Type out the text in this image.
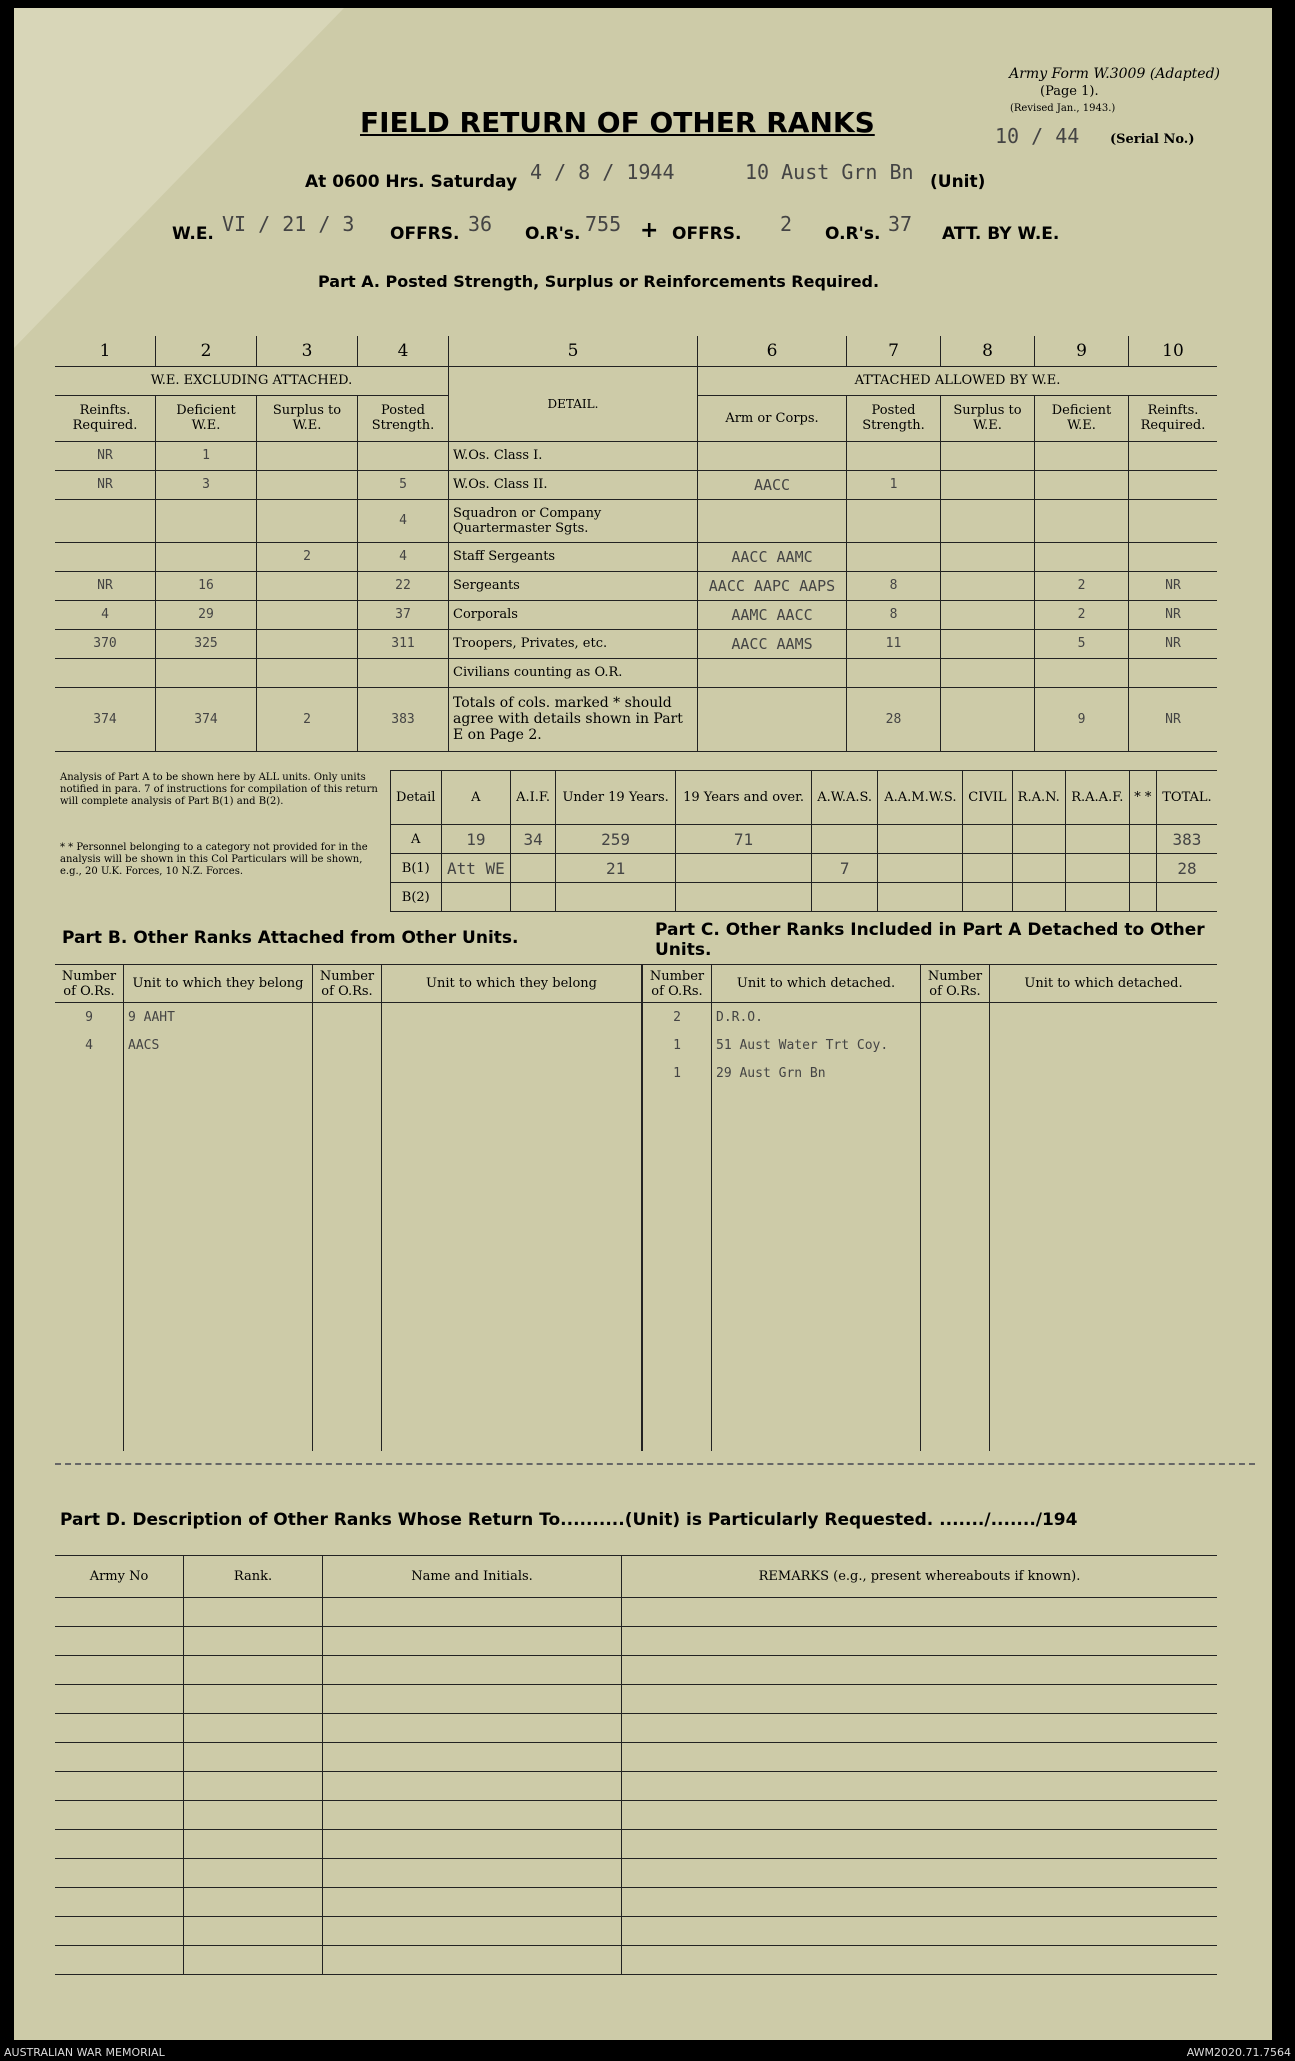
Army Form W.3009 (Adapted)
(Page 1).
(Revised Jan., 1943.)
10 / 44 (Serial No.)
FIELD RETURN OF OTHER RANKS
At 0600 Hrs. Saturday 4 / 8 / 1944	10 Aust Grn Bn (Unit)
W.E. VI / 21 / 3 OFFRS. 36 O.R's. 755 + OFFRS. 2 O.R's. 37 ATT. BY W.E.
Part A. Posted Strength, Surplus or Reinforcements Required.
1	2	3	4	5	6	7	8	9	10
W.E. EXCLUDING ATTACHED.				DETAIL.	ATTACHED ALLOWED BY W.E.				
Reinfts. Required.	Deficient W.E.	Surplus to W.E.	Posted Strength.		Arm or Corps.	Posted Strength.	Surplus to W.E.	Deficient W.E.	Reinfts. Required.
NR	1			W.Os. Class I.					
NR	3		5	W.Os. Class II.	AACC	1			
			4	Squadron or Company Quartermaster Sgts.					
		2	4	Staff Sergeants	AACC AAMC				
NR	16		22	Sergeants	AACC AAPC AAPS	8		2	NR
4	29		37	Corporals	AAMC AACC	8		2	NR
370	325		311	Troopers, Privates, etc.	AACC AAMS	11		5	NR
				Civilians counting as O.R.					
374	374	2	383	Totals of cols. marked * should agree with details shown in Part E on Page 2.		28		9	NR
Analysis of Part A to be shown here by ALL units. Only units notified in para. 7 of instructions for compilation of this return will complete analysis of Part B(1) and B(2).
* * Personnel belonging to a category not provided for in the analysis will be shown in this Col Particulars will be shown, e.g., 20 U.K. Forces, 10 N.Z. Forces.
Detail	A	A.I.F.	Under 19 Years.	19 Years and over.	A.W.A.S.	A.A.M.W.S.	CIVIL	R.A.N.	R.A.A.F.	* *	TOTAL.
A	19	34	259	71							383
B(1)	Att WE		21		7						28
B(2)											
Part B. Other Ranks Attached from Other Units.	Part C. Other Ranks Included in Part A Detached to Other Units.
Number of O.Rs.	Unit to which they belong	Number of O.Rs.	Unit to which they belong
9	9 AAHT		
4	AACS		

Number of O.Rs.	Unit to which detached.	Number of O.Rs.	Unit to which detached.
2	D.R.O.		
1	51 Aust Water Trt Coy.		
1	29 Aust Grn Bn		

Part D. Description of Other Ranks Whose Return To..........(Unit) is Particularly Requested. ......./......./194
Army No	Rank.	Name and Initials.	REMARKS (e.g., present whereabouts if known).

AUSTRALIAN WAR MEMORIAL	AWM2020.71.7564
